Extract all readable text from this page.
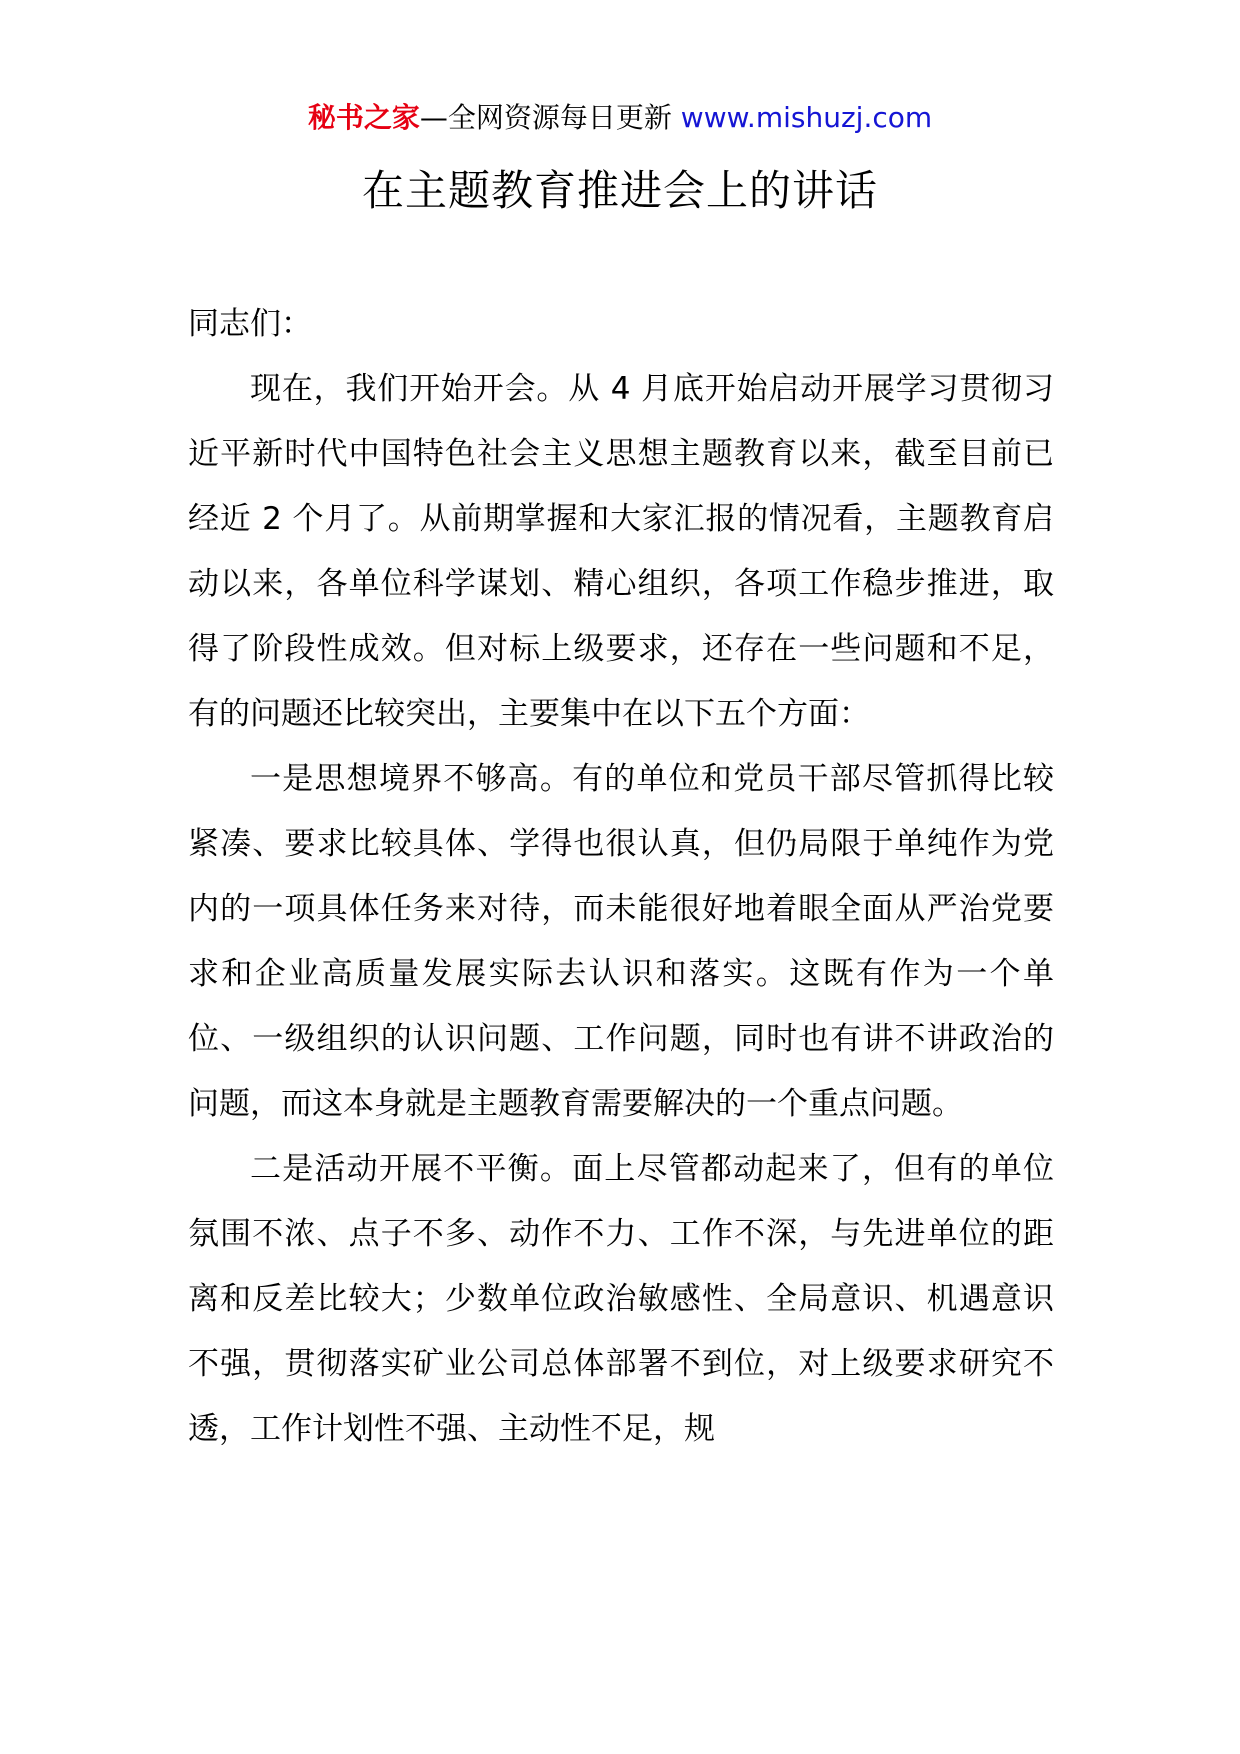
秘书之家—全网资源每日更新 www.mishuzj.com
在主题教育推进会上的讲话

同志们：

现在，我们开始开会。从 4 月底开始启动开展学习贯彻习近平新时代中国特色社会主义思想主题教育以来，截至目前已经近 2 个月了。从前期掌握和大家汇报的情况看，主题教育启动以来，各单位科学谋划、精心组织，各项工作稳步推进，取得了阶段性成效。但对标上级要求，还存在一些问题和不足，有的问题还比较突出，主要集中在以下五个方面：

一是思想境界不够高。有的单位和党员干部尽管抓得比较紧凑、要求比较具体、学得也很认真，但仍局限于单纯作为党内的一项具体任务来对待，而未能很好地着眼全面从严治党要求和企业高质量发展实际去认识和落实。这既有作为一个单位、一级组织的认识问题、工作问题，同时也有讲不讲政治的问题，而这本身就是主题教育需要解决的一个重点问题。

二是活动开展不平衡。面上尽管都动起来了，但有的单位氛围不浓、点子不多、动作不力、工作不深，与先进单位的距离和反差比较大；少数单位政治敏感性、全局意识、机遇意识不强，贯彻落实矿业公司总体部署不到位，对上级要求研究不透，工作计划性不强、主动性不足，规
